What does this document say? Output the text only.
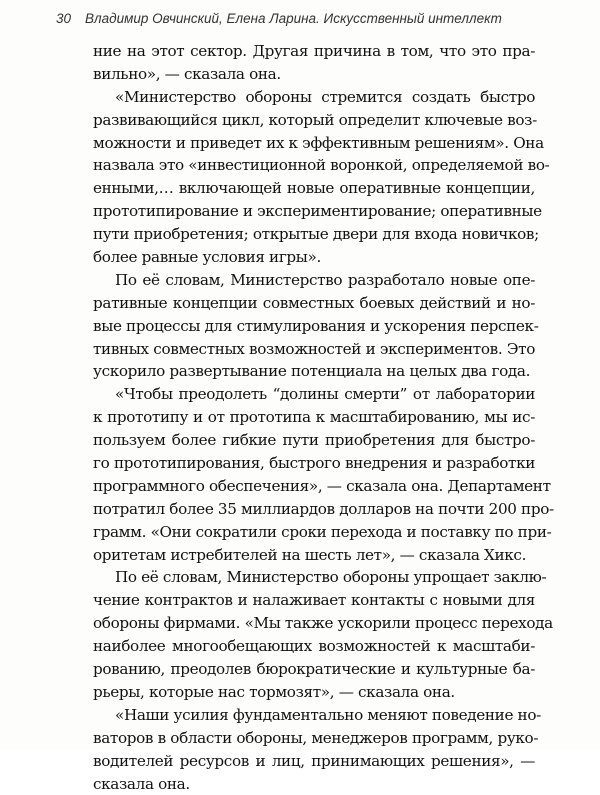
30 Владимир Овчинский, Елена Ларина. Искусственный интеллект
ние на этот сектор. Другая причина в том, что это пра-
вильно», — сказала она.
«Министерство обороны стремится создать быстро
развивающийся цикл, который определит ключевые воз-
можности и приведет их к эффективным решениям». Она
назвала это «инвестиционной воронкой, определяемой во-
енными,… включающей новые оперативные концепции,
прототипирование и экспериментирование; оперативные
пути приобретения; открытые двери для входа новичков;
более равные условия игры».
По её словам, Министерство разработало новые опе-
ративные концепции совместных боевых действий и но-
вые процессы для стимулирования и ускорения перспек-
тивных совместных возможностей и экспериментов. Это
ускорило развертывание потенциала на целых два года.
«Чтобы преодолеть “долины смерти” от лаборатории
к прототипу и от прототипа к масштабированию, мы ис-
пользуем более гибкие пути приобретения для быстро-
го прототипирования, быстрого внедрения и разработки
программного обеспечения», — сказала она. Департамент
потратил более 35 миллиардов долларов на почти 200 про-
грамм. «Они сократили сроки перехода и поставку по при-
оритетам истребителей на шесть лет», — сказала Хикс.
По её словам, Министерство обороны упрощает заклю-
чение контрактов и налаживает контакты с новыми для
обороны фирмами. «Мы также ускорили процесс перехода
наиболее многообещающих возможностей к масштаби-
рованию, преодолев бюрократические и культурные ба-
рьеры, которые нас тормозят», — сказала она.
«Наши усилия фундаментально меняют поведение но-
ваторов в области обороны, менеджеров программ, руко-
водителей ресурсов и лиц, принимающих решения», —
сказала она.
